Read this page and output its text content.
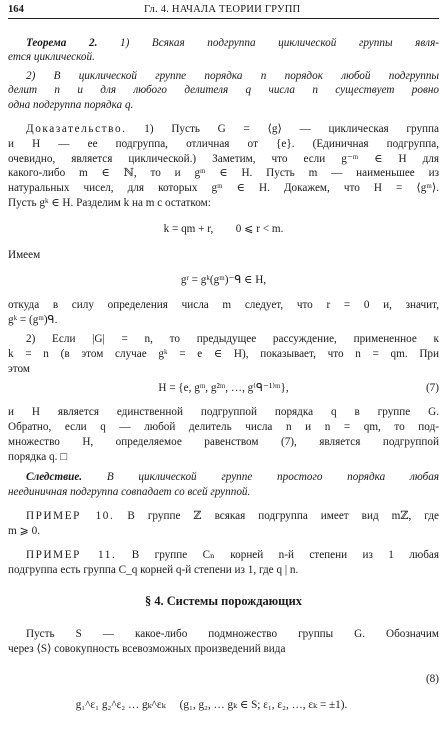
164	Гл. 4. НАЧАЛА ТЕОРИИ ГРУПП
Теорема 2. 1) Всякая подгруппа циклической группы явля-
ется циклической.
2) В циклической группе порядка n порядок любой подгруппы
делит n и для любого делителя q числа n существует ровно
одна подгруппа порядка q.
Доказательство. 1) Пусть G = ⟨g⟩ — циклическая группа
и H — ее подгруппа, отличная от {e}. (Единичная подгруппа,
очевидно, является циклической.) Заметим, что если g⁻ᵐ ∈ H для
какого-либо m ∈ ℕ, то и gᵐ ∈ H. Пусть m — наименьшее из
натуральных чисел, для которых gᵐ ∈ H. Докажем, что H = ⟨gᵐ⟩.
Пусть gᵏ ∈ H. Разделим k на m с остатком:
k = qm + r,        0 ⩽ r < m.
Имеем
gʳ = gᵏ(gᵐ)⁻ᑫ ∈ H,
откуда в силу определения числа m следует, что r = 0 и, значит,
gᵏ = (gᵐ)ᑫ.
2) Если |G| = n, то предыдущее рассуждение, примененное к
k = n (в этом случае gᵏ = e ∈ H), показывает, что n = qm. При
этом
H = {e, gᵐ, g²ᵐ, …, g⁽ᑫ⁻¹⁾ᵐ},	(7)
и H является единственной подгруппой порядка q в группе G.
Обратно, если q — любой делитель числа n и n = qm, то под-
множество H, определяемое равенством (7), является подгруппой
порядка q. □
Следствие. В циклической группе простого порядка любая
неединичная подгруппа совпадает со всей группой.
ПРИМЕР 10. В группе ℤ всякая подгруппа имеет вид mℤ, где
m ⩾ 0.
ПРИМЕР 11. В группе Cₙ корней n-й степени из 1 любая
подгруппа есть группа C_q корней q-й степени из 1, где q | n.
§ 4. Системы порождающих
Пусть S — какое-либо подмножество группы G. Обозначим
через ⟨S⟩ совокупность всевозможных произведений вида

g₁^ε₁ g₂^ε₂ … gₖ^εₖ     (g₁, g₂, … gₖ ∈ S; ε₁, ε₂, …, εₖ = ±1).

(8)
